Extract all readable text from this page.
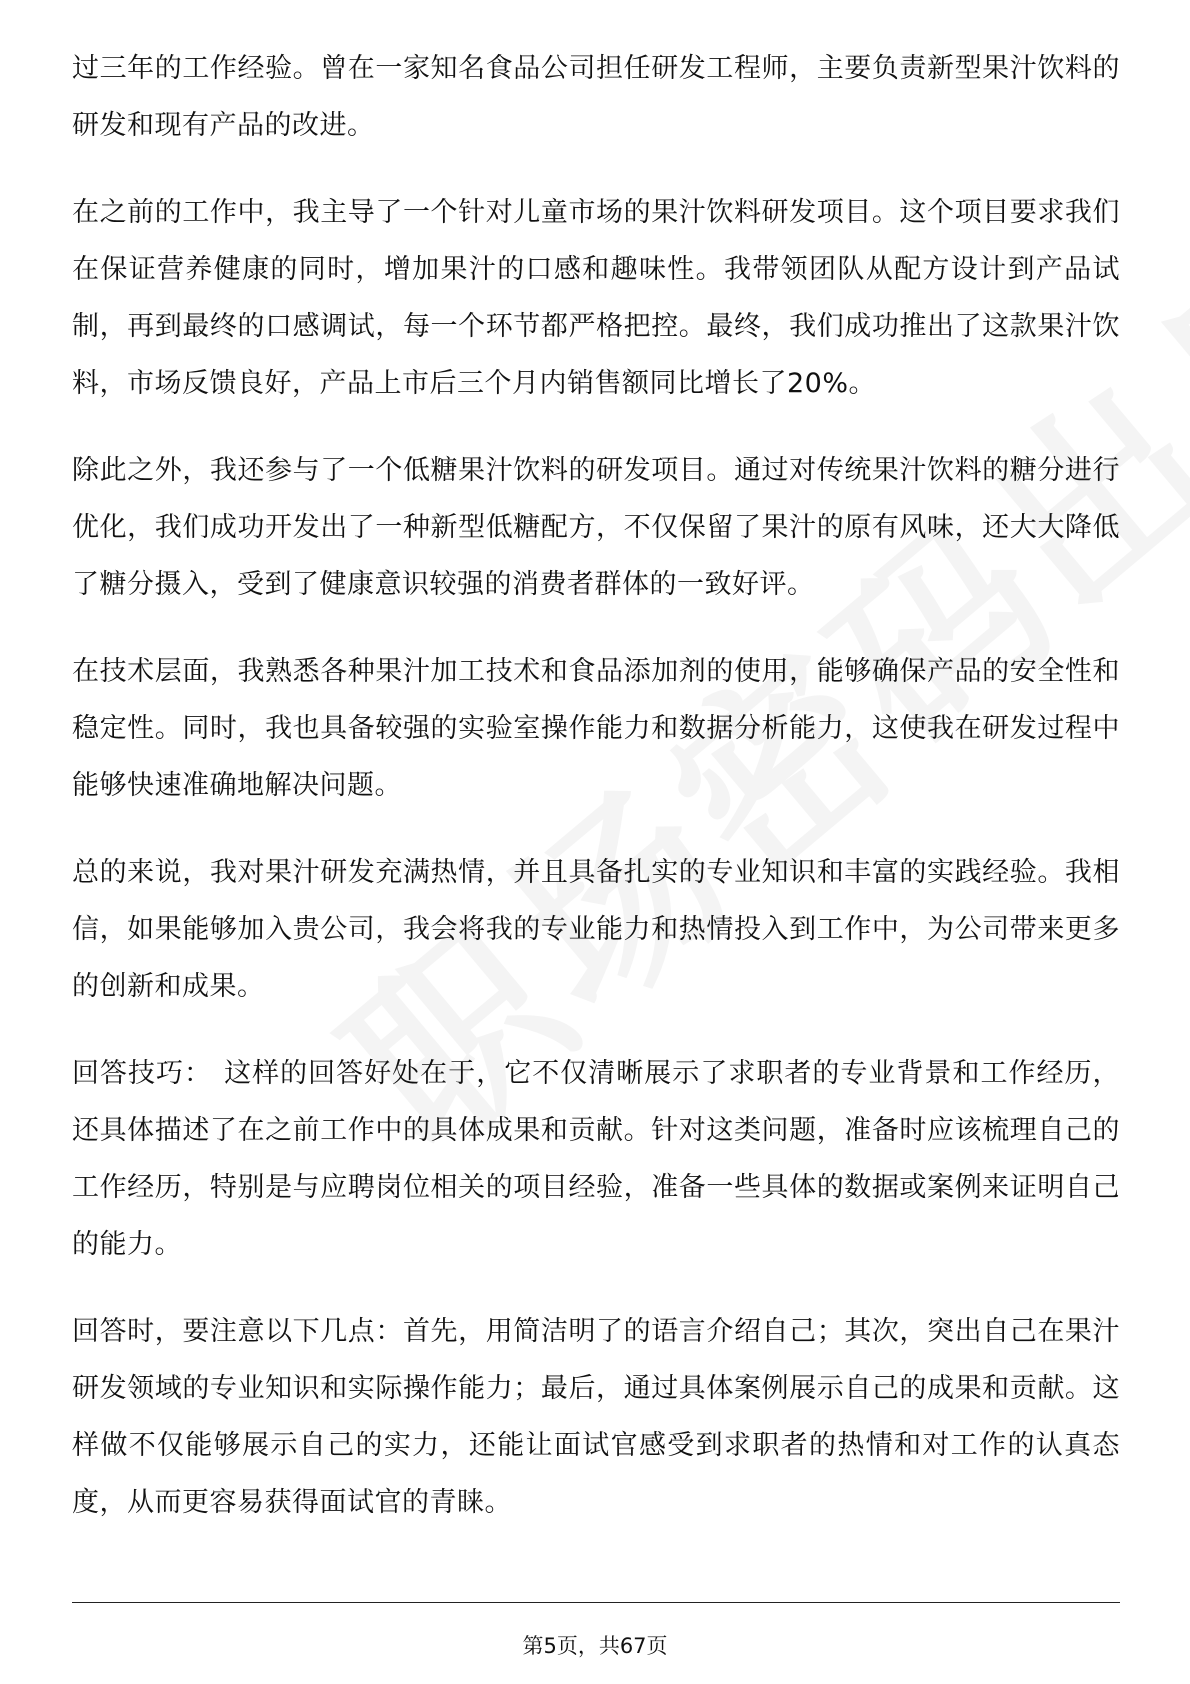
过三年的工作经验。曾在一家知名食品公司担任研发工程师，主要负责新型果汁饮料的研发和现有产品的改进。

在之前的工作中，我主导了一个针对儿童市场的果汁饮料研发项目。这个项目要求我们在保证营养健康的同时，增加果汁的口感和趣味性。我带领团队从配方设计到产品试制，再到最终的口感调试，每一个环节都严格把控。最终，我们成功推出了这款果汁饮料，市场反馈良好，产品上市后三个月内销售额同比增长了20%。

除此之外，我还参与了一个低糖果汁饮料的研发项目。通过对传统果汁饮料的糖分进行优化，我们成功开发出了一种新型低糖配方，不仅保留了果汁的原有风味，还大大降低了糖分摄入，受到了健康意识较强的消费者群体的一致好评。

在技术层面，我熟悉各种果汁加工技术和食品添加剂的使用，能够确保产品的安全性和稳定性。同时，我也具备较强的实验室操作能力和数据分析能力，这使我在研发过程中能够快速准确地解决问题。

总的来说，我对果汁研发充满热情，并且具备扎实的专业知识和丰富的实践经验。我相信，如果能够加入贵公司，我会将我的专业能力和热情投入到工作中，为公司带来更多的创新和成果。

回答技巧： 这样的回答好处在于，它不仅清晰展示了求职者的专业背景和工作经历，还具体描述了在之前工作中的具体成果和贡献。针对这类问题，准备时应该梳理自己的工作经历，特别是与应聘岗位相关的项目经验，准备一些具体的数据或案例来证明自己的能力。

回答时，要注意以下几点：首先，用简洁明了的语言介绍自己；其次，突出自己在果汁研发领域的专业知识和实际操作能力；最后，通过具体案例展示自己的成果和贡献。这样做不仅能够展示自己的实力，还能让面试官感受到求职者的热情和对工作的认真态度，从而更容易获得面试官的青睐。

第5页，共67页
